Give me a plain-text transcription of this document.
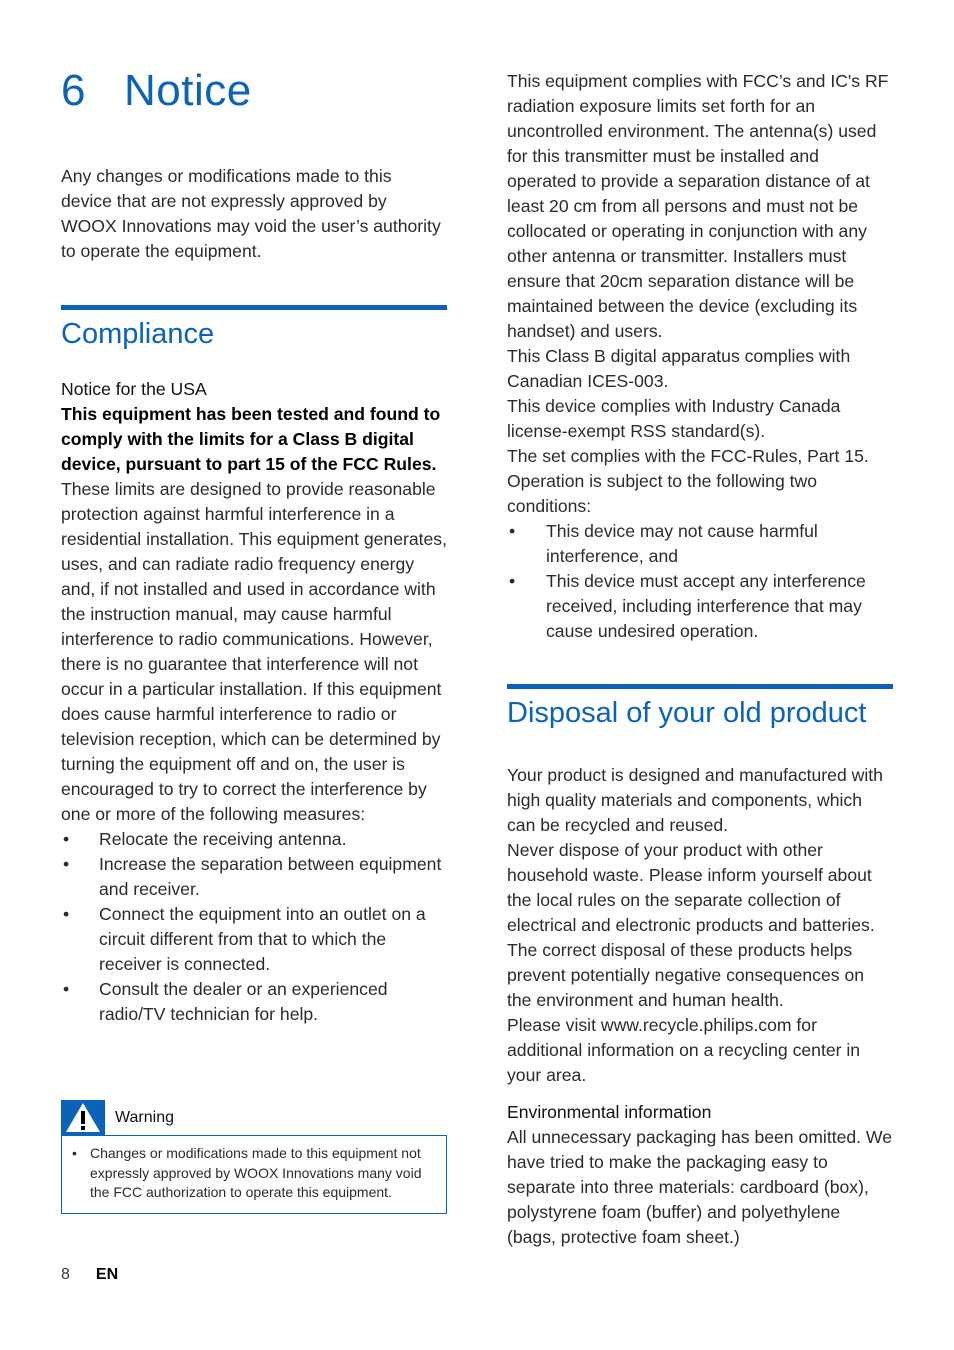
6 Notice

Any changes or modifications made to this device that are not expressly approved by WOOX Innovations may void the user’s authority to operate the equipment.

Compliance

Notice for the USA

This equipment has been tested and found to comply with the limits for a Class B digital device, pursuant to part 15 of the FCC Rules.

These limits are designed to provide reasonable protection against harmful interference in a residential installation. This equipment generates, uses, and can radiate radio frequency energy and, if not installed and used in accordance with the instruction manual, may cause harmful interference to radio communications. However, there is no guarantee that interference will not occur in a particular installation. If this equipment does cause harmful interference to radio or television reception, which can be determined by turning the equipment off and on, the user is encouraged to try to correct the interference by one or more of the following measures:

• Relocate the receiving antenna.
• Increase the separation between equipment and receiver.
• Connect the equipment into an outlet on a circuit different from that to which the receiver is connected.
• Consult the dealer or an experienced radio/TV technician for help.
Warning
• Changes or modifications made to this equipment not expressly approved by WOOX Innovations many void the FCC authorization to operate this equipment.

This equipment complies with FCC’s and IC's RF radiation exposure limits set forth for an uncontrolled environment. The antenna(s) used for this transmitter must be installed and operated to provide a separation distance of at least 20 cm from all persons and must not be collocated or operating in conjunction with any other antenna or transmitter. Installers must ensure that 20cm separation distance will be maintained between the device (excluding its handset) and users.

This Class B digital apparatus complies with Canadian ICES-003.

This device complies with Industry Canada license-exempt RSS standard(s).

The set complies with the FCC-Rules, Part 15. Operation is subject to the following two conditions:

• This device may not cause harmful interference, and
• This device must accept any interference received, including interference that may cause undesired operation.
Disposal of your old product

Your product is designed and manufactured with high quality materials and components, which can be recycled and reused.

Never dispose of your product with other household waste. Please inform yourself about the local rules on the separate collection of electrical and electronic products and batteries. The correct disposal of these products helps prevent potentially negative consequences on the environment and human health.

Please visit www.recycle.philips.com for additional information on a recycling center in your area.

Environmental information

All unnecessary packaging has been omitted. We have tried to make the packaging easy to separate into three materials: cardboard (box), polystyrene foam (buffer) and polyethylene (bags, protective foam sheet.)

8 EN
